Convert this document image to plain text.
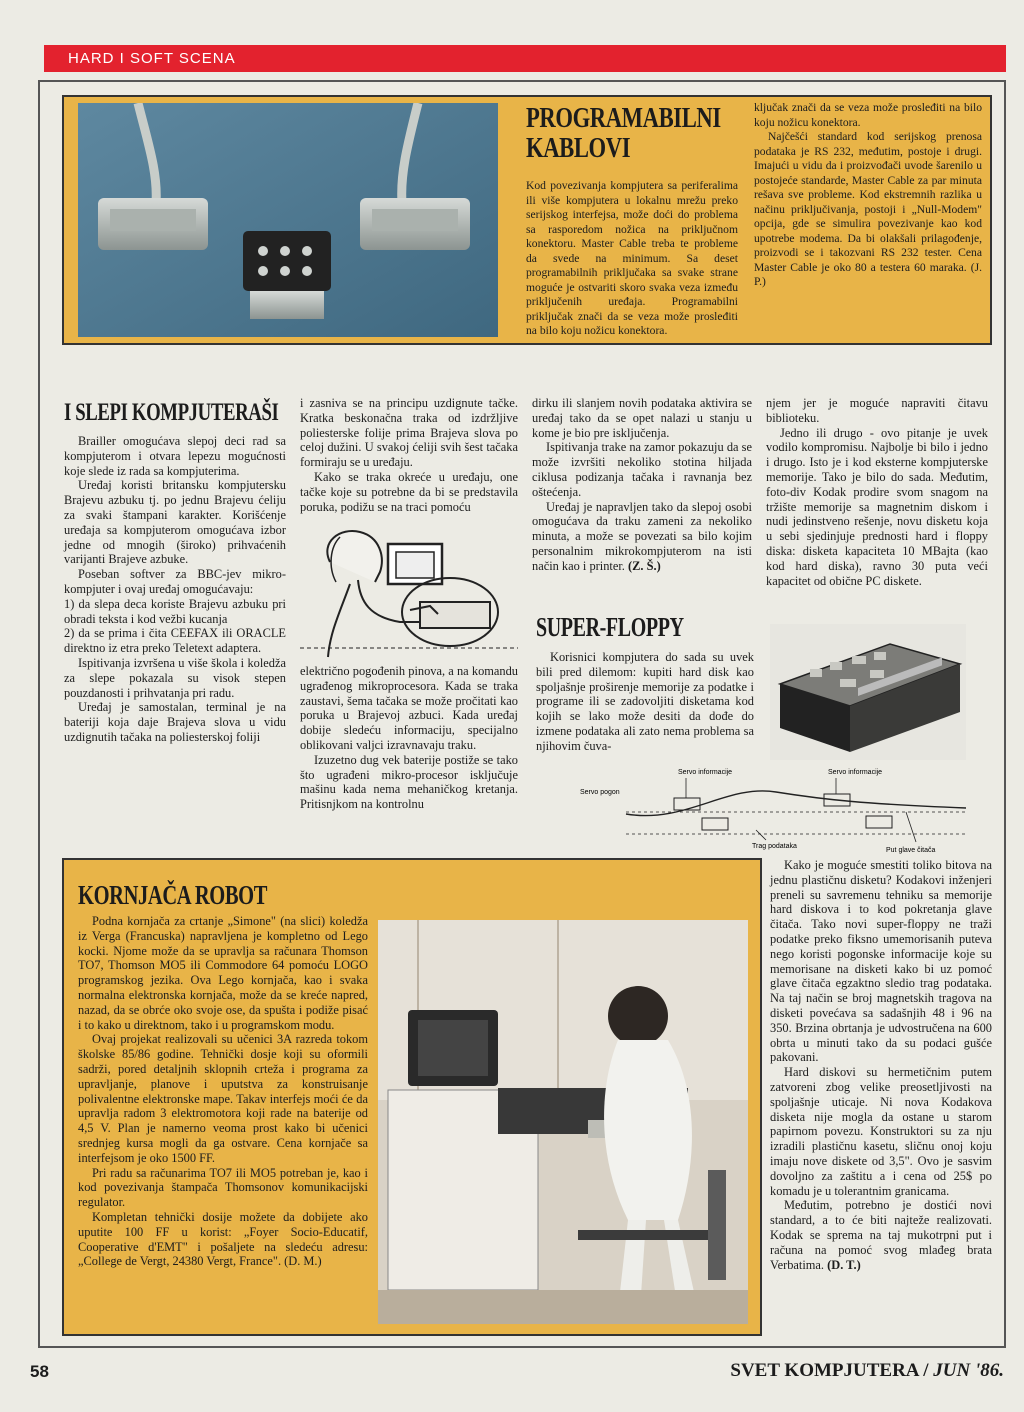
HARD I SOFT SCENA
PROGRAMABILNI
KABLOVI

Kod povezivanja kompjutera sa periferalima ili više kompjutera u lokalnu mrežu preko serijskog interfejsa, može doći do problema sa rasporedom nožica na priključnom konektoru. Master Cable treba te probleme da svede na minimum. Sa deset programabilnih priključaka sa svake strane moguće je ostvariti skoro svaka veza između priključenih uređaja. Programabilni priključak znači da se veza može prosleđiti na bilo koju nožicu konektora.

ključak znači da se veza može prosleđiti na bilo koju nožicu konektora.

Najčešći standard kod serijskog prenosa podataka je RS 232, međutim, postoje i drugi. Imajući u vidu da i proizvođači uvode šarenilo u postojeće standarde, Master Cable za par minuta rešava sve probleme. Kod ekstremnih razlika u načinu priključivanja, postoji i „Null-Modem" opcija, gde se simulira povezivanje kao kod upotrebe modema. Da bi olakšali prilagođenje, proizvodi se i takozvani RS 232 tester. Cena Master Cable je oko 80 a testera 60 maraka. (J. P.)

I SLEPI KOMPJUTERAŠI

Brailler omogućava slepoj deci rad sa kompjuterom i otvara lepezu mogućnosti koje slede iz rada sa kompjuterima.

Uređaj koristi britansku kompjutersku Brajevu azbuku tj. po jednu Brajevu ćeliju za svaki štampani karakter. Korišćenje uređaja sa kompjuterom omogućava izbor jedne od mnogih (široko) prihvaćenih varijanti Brajeve azbuke.

Poseban softver za BBC-jev mikro-kompjuter i ovaj uređaj omogućavaju:

1) da slepa deca koriste Brajevu azbuku pri obradi teksta i kod vežbi kucanja

2) da se prima i čita CEEFAX ili ORACLE direktno iz etra preko Teletext adaptera.

Ispitivanja izvršena u više škola i koledža za slepe pokazala su visok stepen pouzdanosti i prihvatanja pri radu.

Uređaj je samostalan, terminal je na bateriji koja daje Brajeva slova u vidu uzdignutih tačaka na poliesterskoj foliji

i zasniva se na principu uzdignute tačke. Kratka beskonačna traka od izdržljive poliesterske folije prima Brajeva slova po celoj dužini. U svakoj ćeliji svih šest tačaka formiraju se u uređaju.

Kako se traka okreće u uređaju, one tačke koje su potrebne da bi se predstavila poruka, podižu se na traci pomoću

električno pogođenih pinova, a na komandu ugrađenog mikroprocesora. Kada se traka zaustavi, šema tačaka se može pročitati kao poruka u Brajevoj azbuci. Kada uređaj dobije sledeću informaciju, specijalno oblikovani valjci izravnavaju traku.

Izuzetno dug vek baterije postiže se tako što ugrađeni mikro-procesor isključuje mašinu kada nema mehaničkog kretanja. Pritisnjkom na kontrolnu

dirku ili slanjem novih podataka aktivira se uređaj tako da se opet nalazi u stanju u kome je bio pre isključenja.

Ispitivanja trake na zamor pokazuju da se može izvršiti nekoliko stotina hiljada ciklusa podizanja tačaka i ravnanja bez oštećenja.

Uređaj je napravljen tako da slepoj osobi omogućava da traku zameni za nekoliko minuta, a može se povezati sa bilo kojim personalnim mikrokompjuterom na isti način kao i printer. (Z. Š.)

SUPER-FLOPPY

Korisnici kompjutera do sada su uvek bili pred dilemom: kupiti hard disk kao spoljašnje proširenje memorije za podatke i programe ili se zadovoljiti disketama kod kojih se lako može desiti da dođe do izmene podataka ali zato nema problema sa njihovim čuva-

njem jer je moguće napraviti čitavu biblioteku.

Jedno ili drugo - ovo pitanje je uvek vodilo kompromisu. Najbolje bi bilo i jedno i drugo. Isto je i kod eksterne kompjuterske memorije. Tako je bilo do sada. Međutim, foto-div Kodak prodire svom snagom na tržište memorije sa magnetnim diskom i nudi jedinstveno rešenje, novu disketu koja u sebi sjedinjuje prednosti hard i floppy diska: disketa kapaciteta 10 MBajta (kao kod hard diska), ravno 30 puta veći kapacitet od obične PC diskete.

Servo informacije	Servo informacije
Servo pogon
Trag podataka
Put glave čitača

Kako je moguće smestiti toliko bitova na jednu plastičnu disketu? Kodakovi inženjeri preneli su savremenu tehniku sa memorije hard diskova i to kod pokretanja glave čitača. Tako novi super-floppy ne traži podatke preko fiksno umemorisanih puteva nego koristi pogonske informacije koje su memorisane na disketi kako bi uz pomoć glave čitača egzaktno sledio trag podataka. Na taj način se broj magnetskih tragova na disketi povećava sa sadašnjih 48 i 96 na 350. Brzina obrtanja je udvostručena na 600 obrta u minuti tako da su podaci gušće pakovani.

Hard diskovi su hermetičnim putem zatvoreni zbog velike preosetljivosti na spoljašnje uticaje. Ni nova Kodakova disketa nije mogla da ostane u starom papirnom povezu. Konstruktori su za nju izradili plastičnu kasetu, sličnu onoj koju imaju nove diskete od 3,5". Ovo je sasvim dovoljno za zaštitu a i cena od 25$ po komadu je u tolerantnim granicama.

Međutim, potrebno je dostići novi standard, a to će biti najteže realizovati. Kodak se sprema na taj mukotrpni put i računa na pomoć svog mlađeg brata Verbatima. (D. T.)

KORNJAČA ROBOT

Podna kornjača za crtanje „Simone" (na slici) koledža iz Verga (Francuska) napravljena je kompletno od Lego kocki. Njome može da se upravlja sa računara Thomson TO7, Thomson MO5 ili Commodore 64 pomoću LOGO programskog jezika. Ova Lego kornjača, kao i svaka normalna elektronska kornjača, može da se kreće napred, nazad, da se obrće oko svoje ose, da spušta i podiže pisać i to kako u direktnom, tako i u programskom modu.

Ovaj projekat realizovali su učenici 3A razreda tokom školske 85/86 godine. Tehnički dosje koji su oformili sadrži, pored detaljnih sklopnih crteža i programa za upravljanje, planove i uputstva za konstruisanje polivalentne elektronske mape. Takav interfejs moći će da upravlja radom 3 elektromotora koji rade na baterije od 4,5 V. Plan je namerno veoma prost kako bi učenici srednjeg kursa mogli da ga ostvare. Cena kornjače sa interfejsom je oko 1500 FF.

Pri radu sa računarima TO7 ili MO5 potreban je, kao i kod povezivanja štampača Thomsonov komunikacijski regulator.

Kompletan tehnički dosije možete da dobijete ako uputite 100 FF u korist: „Foyer Socio-Educatif, Cooperative d'EMT" i pošaljete na sledeću adresu: „College de Vergt, 24380 Vergt, France". (D. M.)

58	SVET KOMPJUTERA / JUN '86.
